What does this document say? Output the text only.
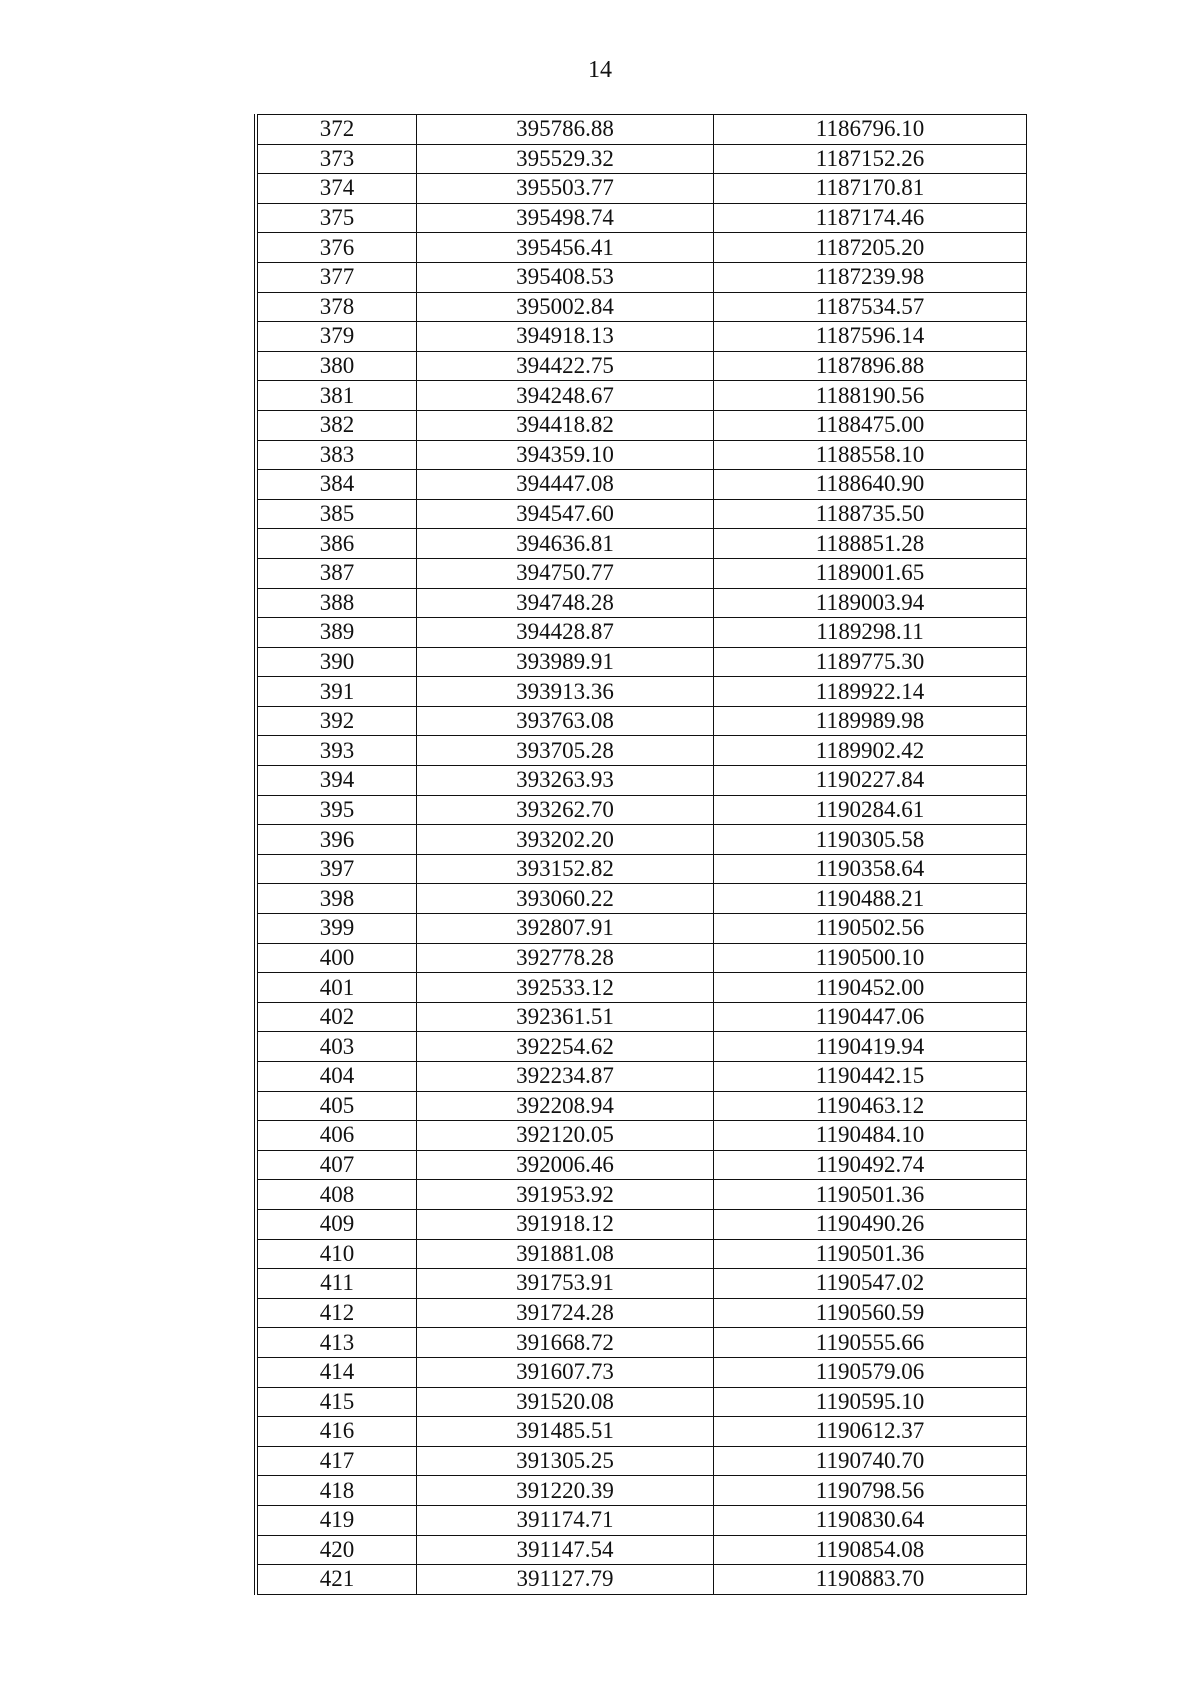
14
372	395786.88	1186796.10
373	395529.32	1187152.26
374	395503.77	1187170.81
375	395498.74	1187174.46
376	395456.41	1187205.20
377	395408.53	1187239.98
378	395002.84	1187534.57
379	394918.13	1187596.14
380	394422.75	1187896.88
381	394248.67	1188190.56
382	394418.82	1188475.00
383	394359.10	1188558.10
384	394447.08	1188640.90
385	394547.60	1188735.50
386	394636.81	1188851.28
387	394750.77	1189001.65
388	394748.28	1189003.94
389	394428.87	1189298.11
390	393989.91	1189775.30
391	393913.36	1189922.14
392	393763.08	1189989.98
393	393705.28	1189902.42
394	393263.93	1190227.84
395	393262.70	1190284.61
396	393202.20	1190305.58
397	393152.82	1190358.64
398	393060.22	1190488.21
399	392807.91	1190502.56
400	392778.28	1190500.10
401	392533.12	1190452.00
402	392361.51	1190447.06
403	392254.62	1190419.94
404	392234.87	1190442.15
405	392208.94	1190463.12
406	392120.05	1190484.10
407	392006.46	1190492.74
408	391953.92	1190501.36
409	391918.12	1190490.26
410	391881.08	1190501.36
411	391753.91	1190547.02
412	391724.28	1190560.59
413	391668.72	1190555.66
414	391607.73	1190579.06
415	391520.08	1190595.10
416	391485.51	1190612.37
417	391305.25	1190740.70
418	391220.39	1190798.56
419	391174.71	1190830.64
420	391147.54	1190854.08
421	391127.79	1190883.70
